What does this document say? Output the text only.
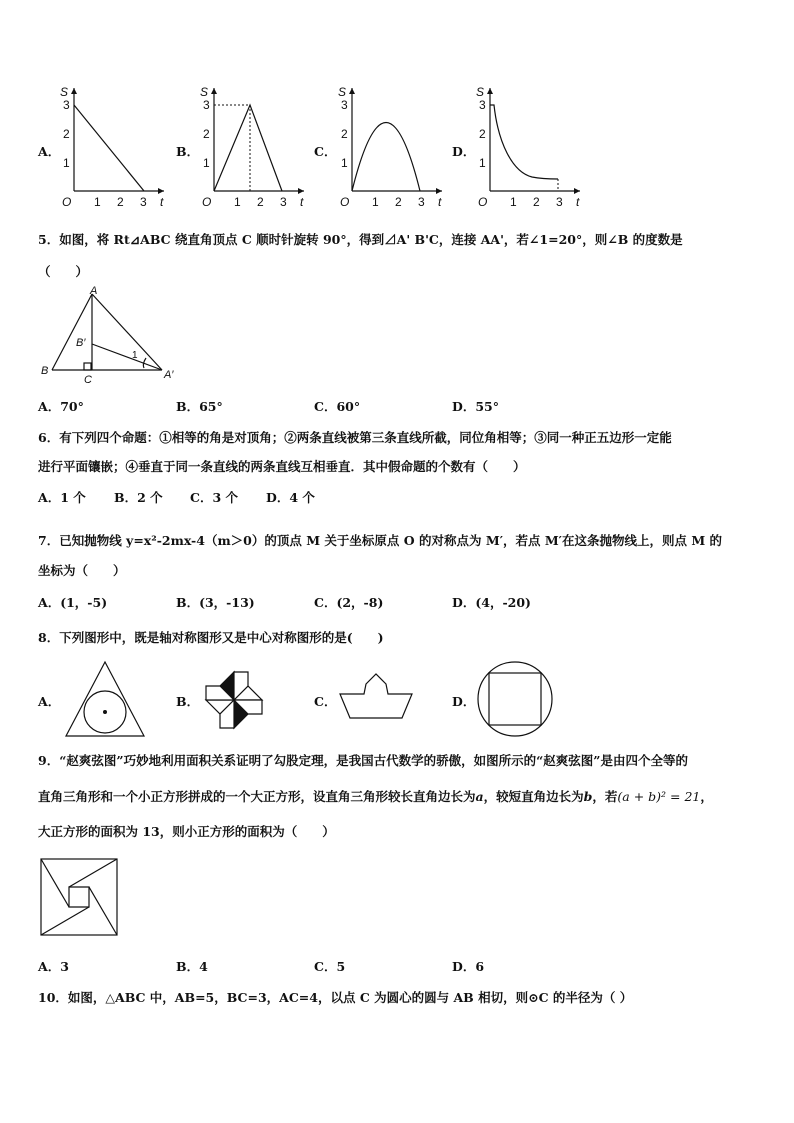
A．	B．	C．	D．
S
t
O
3
2
1
1 2 3
S
t
O
3
2
1
1 2 3
S
t
O
3
2
1
1 2 3
S
t
O
3
2
1
1 2 3
5．如图，将 Rt⊿ABC 绕直角顶点 C 顺时针旋转 90°，得到⊿A' B'C，连接 AA'，若∠1=20°，则∠B 的度数是
（　　）
A
B
B′
C	A′
1
A．70°	B．65°	C．60°	D．55°
6．有下列四个命题：①相等的角是对顶角；②两条直线被第三条直线所截，同位角相等；③同一种正五边形一定能
进行平面镶嵌；④垂直于同一条直线的两条直线互相垂直．其中假命题的个数有（　　）
A．1 个 B．2 个 C．3 个 D．4 个
7．已知抛物线 y=x²-2mx-4（m＞0）的顶点 M 关于坐标原点 O 的对称点为 M′，若点 M′在这条抛物线上，则点 M 的
坐标为（　　）
A．(1，-5)	B．(3，-13)	C．(2，-8)	D．(4，-20)
8．下列图形中，既是轴对称图形又是中心对称图形的是(　　)
A．	B．	C．	D．
9．“赵爽弦图”巧妙地利用面积关系证明了勾股定理，是我国古代数学的骄傲，如图所示的“赵爽弦图”是由四个全等的
直角三角形和一个小正方形拼成的一个大正方形，设直角三角形较长直角边长为a，较短直角边长为b，若(a + b)² = 21，
大正方形的面积为 13，则小正方形的面积为（　　）
A．3	B．4	C．5	D．6
10．如图，△ABC 中，AB=5，BC=3，AC=4，以点 C 为圆心的圆与 AB 相切，则⊙C 的半径为（ ）
